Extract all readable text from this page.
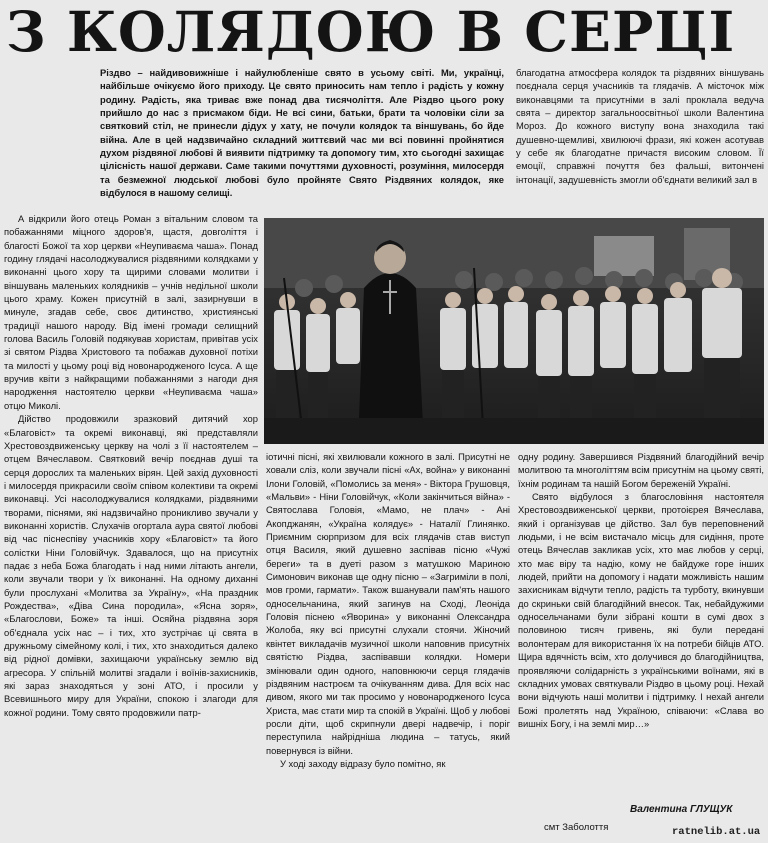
З КОЛЯДОЮ В СЕРЦІ

Різдво – найдивовижніше і найулюбленіше свято в усьому світі. Ми, українці, найбільше очікуємо його приходу. Це свято приносить нам тепло і радість у кожну родину. Радість, яка триває вже понад два тисячоліття. Але Різдво цього року прийшло до нас з присмаком біди. Не всі сини, батьки, брати та чоловіки сіли за святковий стіл, не принесли дідух у хату, не почули колядок та віншувань, бо йде війна. Але в цей надзвичайно складний життєвий час ми всі повинні пройнятися духом різдвяної любові й виявити підтримку та допомогу тим, хто сьогодні захищає цілісність нашої держави. Саме такими почуттями духовності, розуміння, милосердя та безмежної людської любові було пройняте Свято Різдвяних колядок, яке відбулося в нашому селищі.

благодатна атмосфера колядок та різдвяних віншувань поєднала серця учасників та глядачів. А місточок між виконавцями та присутніми в залі проклала ведуча свята – директор загальноосвітньої школи Валентина Мороз. До кожного виступу вона знаходила такі душевно-щемливі, хвилюючі фрази, які кожен асотував у себе як благодатне причастя високим словом. Її емоції, справжні почуття без фальші, витончені інтонації, задушевність змогли об'єднати великий зал в

А відкрили його отець Роман з вітальним словом та побажаннями міцного здоров'я, щастя, довголіття і благості Божої та хор церкви «Неупиваєма чаша». Понад годину глядачі насолоджувалися різдвяними колядками у виконанні цього хору та щирими словами молитви і віншувань маленьких колядників – учнів недільної школи цього храму. Кожен присутній в залі, зазирнувши в минуле, згадав себе, своє дитинство, християнські традиції нашого народу. Від імені громади селищний голова Василь Головій подякував хористам, привітав усіх зі святом Різдва Христового та побажав духовної потіхи та милості у цьому році від новонародженого Ісуса. А ще вручив квіти з найкращими побажаннями з нагоди дня народження настоятелю церкви «Неупиваєма чаша» отцю Миколі.

Дійство продовжили зразковий дитячий хор «Благовіст» та окремі виконавці, які представляли Хрестовоздвиженську церкву на чолі з її настоятелем – отцем Вячеславом. Святковий вечір поєднав душі та серця дорослих та маленьких вірян. Цей захід духовності і милосердя прикрасили своїм співом колективи та окремі виконавці. Усі насолоджувалися колядками, різдвяними творами, піснями, які надзвичайно проникливо звучали у виконанні хористів. Слухачів огортала аура святої любові від час піснеспіву учасників хору «Благовіст» та його солістки Ніни Головійчук. Здавалося, що на присутніх падає з неба Божа благодать і над ними літають ангели, коли звучали твори у їх виконанні. На одному диханні були прослухані «Молитва за Україну», «На праздник Рождества», «Діва Сина породила», «Ясна зоря», «Благослови, Боже» та інші. Осяйна різдвяна зоря об'єднала усіх нас – і тих, хто зустрічає ці свята в дружньому сімейному колі, і тих, хто знаходиться далеко від рідної домівки, захищаючи українську землю від агресора. У спільній молитві згадали і воїнів-захисників, які зараз знаходяться у зоні АТО, і просили у Всевишнього миру для України, спокою і злагоди для кожної родини. Тому свято продовжили патр-

іотичні пісні, які хвилювали кожного в залі. Присутні не ховали сліз, коли звучали пісні «Ах, война» у виконанні Ілони Головій, «Помолись за меня» - Віктора Грушовця, «Мальви» - Ніни Головійчук, «Коли закінчиться війна» - Святослава Головія, «Мамо, не плач» - Ані Акопджанян, «Україна колядує» - Наталії Глинянко. Приємним сюрпризом для всіх глядачів став виступ отця Василя, який душевно заспівав пісню «Чужі береги» та в дуеті разом з матушкою Мариною Симонович виконав ще одну пісню – «Загриміли в полі, мов громи, гармати». Також вшанували пам'ять нашого односельчанина, який загинув на Сході, Леоніда Головія піснею «Яворина» у виконанні Олександра Жолоба, яку всі присутні слухали стоячи. Жіночий квінтет викладачів музичної школи наповнив присутніх святістю Різдва, заспівавши колядки. Номери змінювали один одного, наповнюючи серця глядачів різдвяним настроєм та очікуванням дива. Для всіх нас дивом, якого ми так просимо у новонародженого Ісуса Христа, має стати мир та спокій в Україні. Щоб у любові росли діти, щоб скрипнули двері надвечір, і поріг переступила найрідніша людина – татусь, який повернувся із війни.

У ході заходу відразу було помітно, як

одну родину. Завершився Різдвяний благодійний вечір молитвою та многоліттям всім присутнім на цьому святі, їхнім родинам та нашій Богом береженій Україні.

Свято відбулося з благословіння настоятеля Хрестовоздвиженської церкви, протоієрея Вячеслава, який і організував це дійство. Зал був переповнений людьми, і не всім вистачало місць для сидіння, проте отець Вячеслав закликав усіх, хто має любов у серці, хто має віру та надію, кому не байдуже горе інших людей, прийти на допомогу і надати можливість нашим захисникам відчути тепло, радість та турботу, вкинувши до скриньки свій благодійний внесок. Так, небайдужими односельчанами були зібрані кошти в сумі двох з половиною тисяч гривень, які були передані волонтерам для використання їх на потреби бійців АТО. Щира вдячність всім, хто долучився до благодійництва, проявляючи солідарність з українськими воїнами, які в складних умовах святкували Різдво в цьому році. Нехай вони відчують наші молитви і підтримку. І нехай ангели Божі пролетять над Україною, співаючи: «Слава во вишніх Богу, і на землі мир…»

Валентина ГЛУЩУК
смт Заболоття	ratnelib.at.ua
